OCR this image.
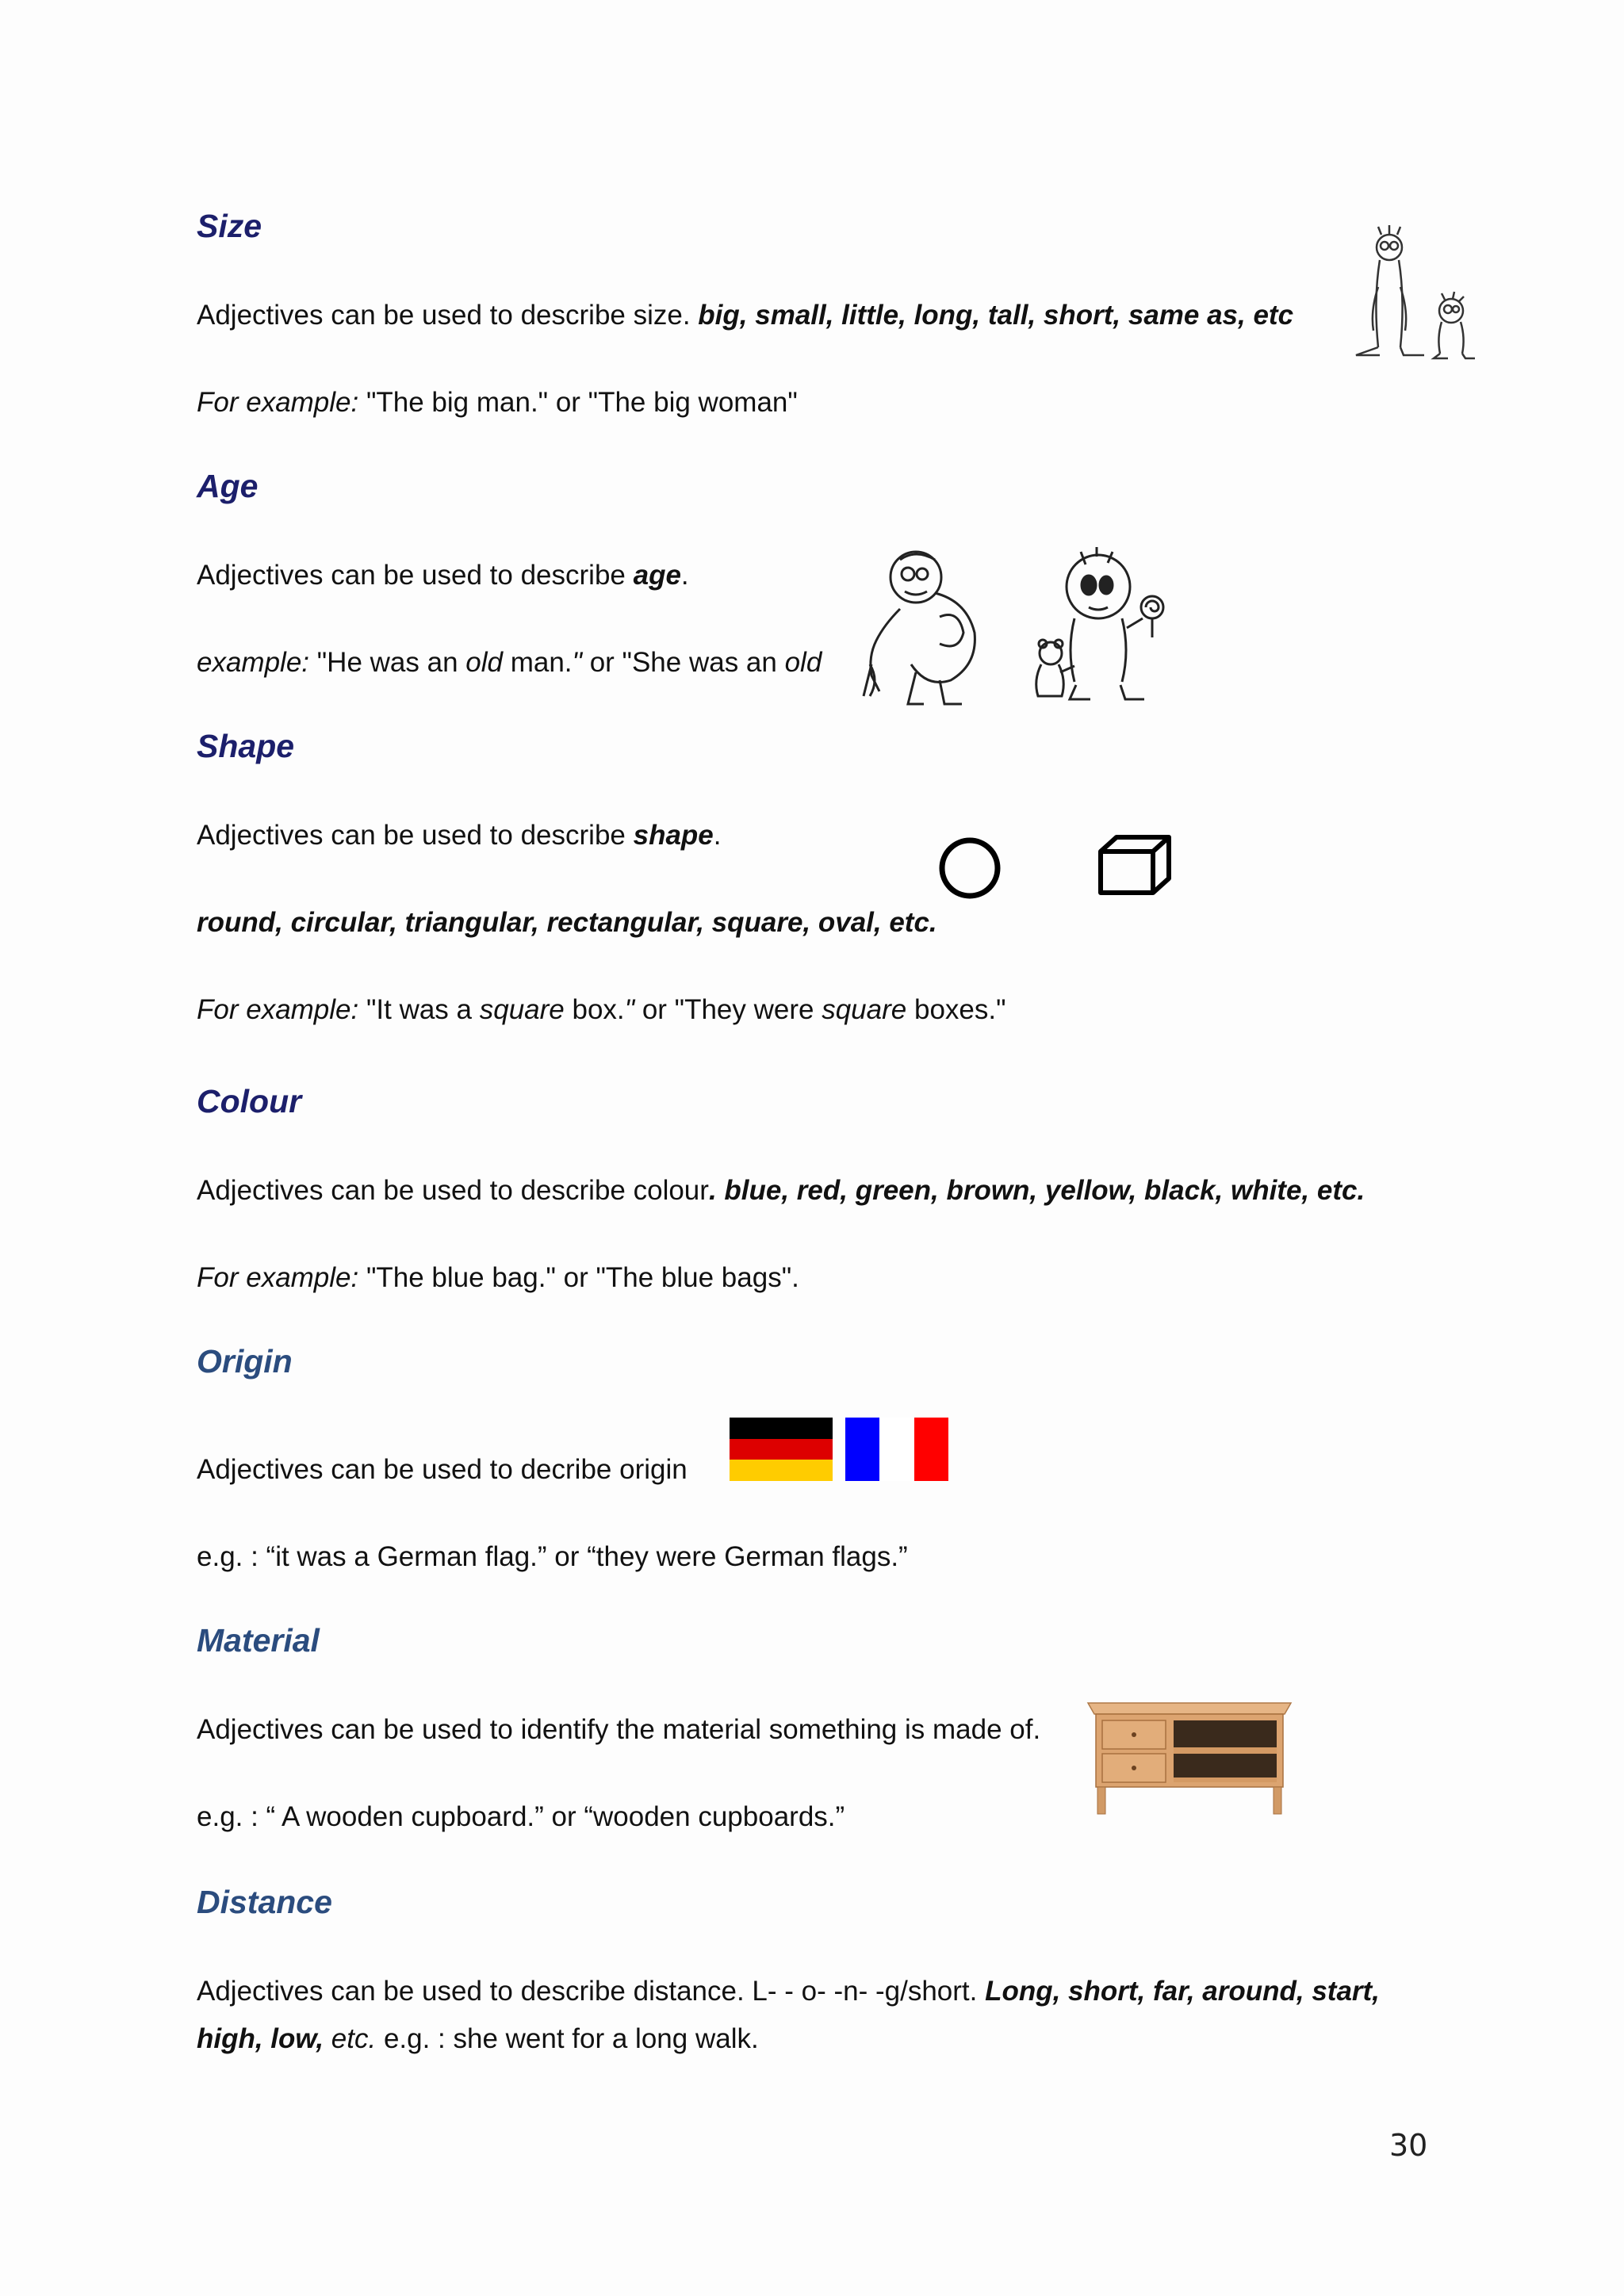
Size
Adjectives can be used to describe size. big, small, little, long, tall, short, same as, etc
For example: "The big man." or "The big woman"
Age
Adjectives can be used to describe age.
example: "He was an old man." or "She was an old
Shape
Adjectives can be used to describe shape.
round, circular, triangular, rectangular, square, oval, etc.
For example: "It was a square box." or "They were square boxes."
Colour
Adjectives can be used to describe colour. blue, red, green, brown, yellow, black, white, etc.
For example: "The blue bag." or "The blue bags".
Origin
Adjectives can be used to decribe origin
e.g. : “it was a German flag.” or “they were German flags.”
Material
Adjectives can be used to identify the material something is made of.
e.g. : “ A wooden cupboard.” or “wooden cupboards.”
Distance
Adjectives can be used to describe distance. L- - o- -n- -g/short. Long, short, far, around, start,
high, low, etc. e.g. : she went for a long walk.
30
